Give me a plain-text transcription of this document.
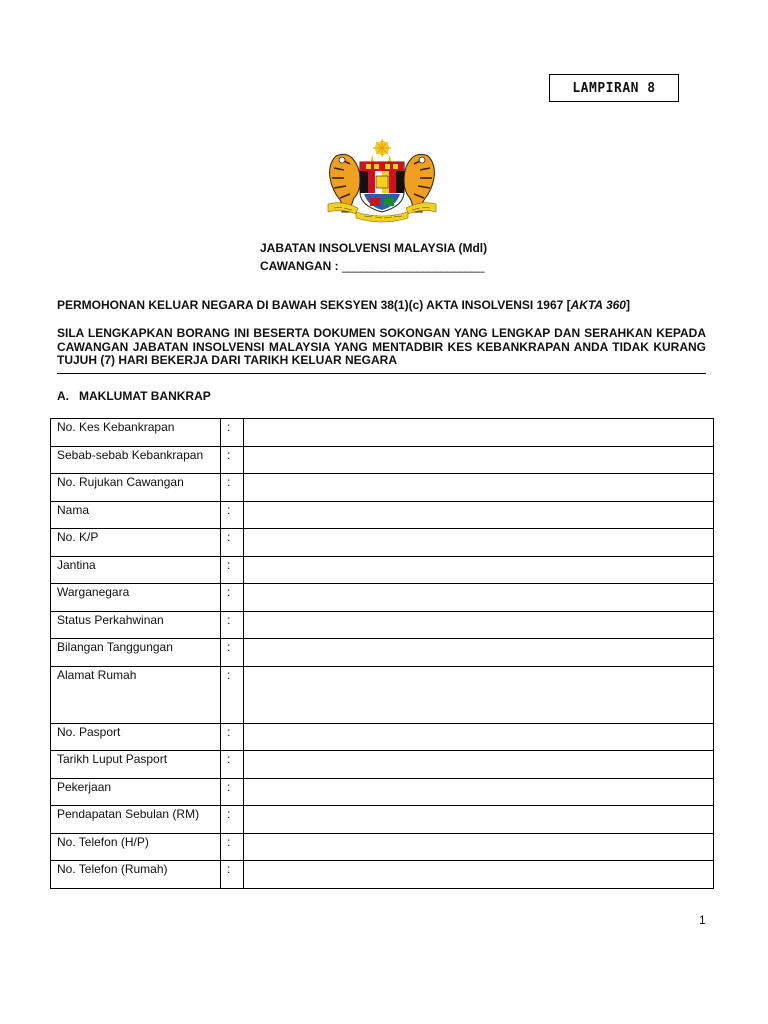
LAMPIRAN 8
JABATAN INSOLVENSI MALAYSIA (Mdl)
CAWANGAN : _______________________
PERMOHONAN KELUAR NEGARA DI BAWAH SEKSYEN 38(1)(c) AKTA INSOLVENSI 1967 [AKTA 360]
SILA LENGKAPKAN BORANG INI BESERTA DOKUMEN SOKONGAN YANG LENGKAP DAN SERAHKAN KEPADA CAWANGAN JABATAN INSOLVENSI MALAYSIA YANG MENTADBIR KES KEBANKRAPAN ANDA TIDAK KURANG TUJUH (7) HARI BEKERJA DARI TARIKH KELUAR NEGARA
A. MAKLUMAT BANKRAP
No. Kes Kebankrapan	:	
Sebab-sebab Kebankrapan	:	
No. Rujukan Cawangan	:	
Nama	:	
No. K/P	:	
Jantina	:	
Warganegara	:	
Status Perkahwinan	:	
Bilangan Tanggungan	:	
Alamat Rumah	:	
No. Pasport	:	
Tarikh Luput Pasport	:	
Pekerjaan	:	
Pendapatan Sebulan (RM)	:	
No. Telefon (H/P)	:	
No. Telefon (Rumah)	:	
1
